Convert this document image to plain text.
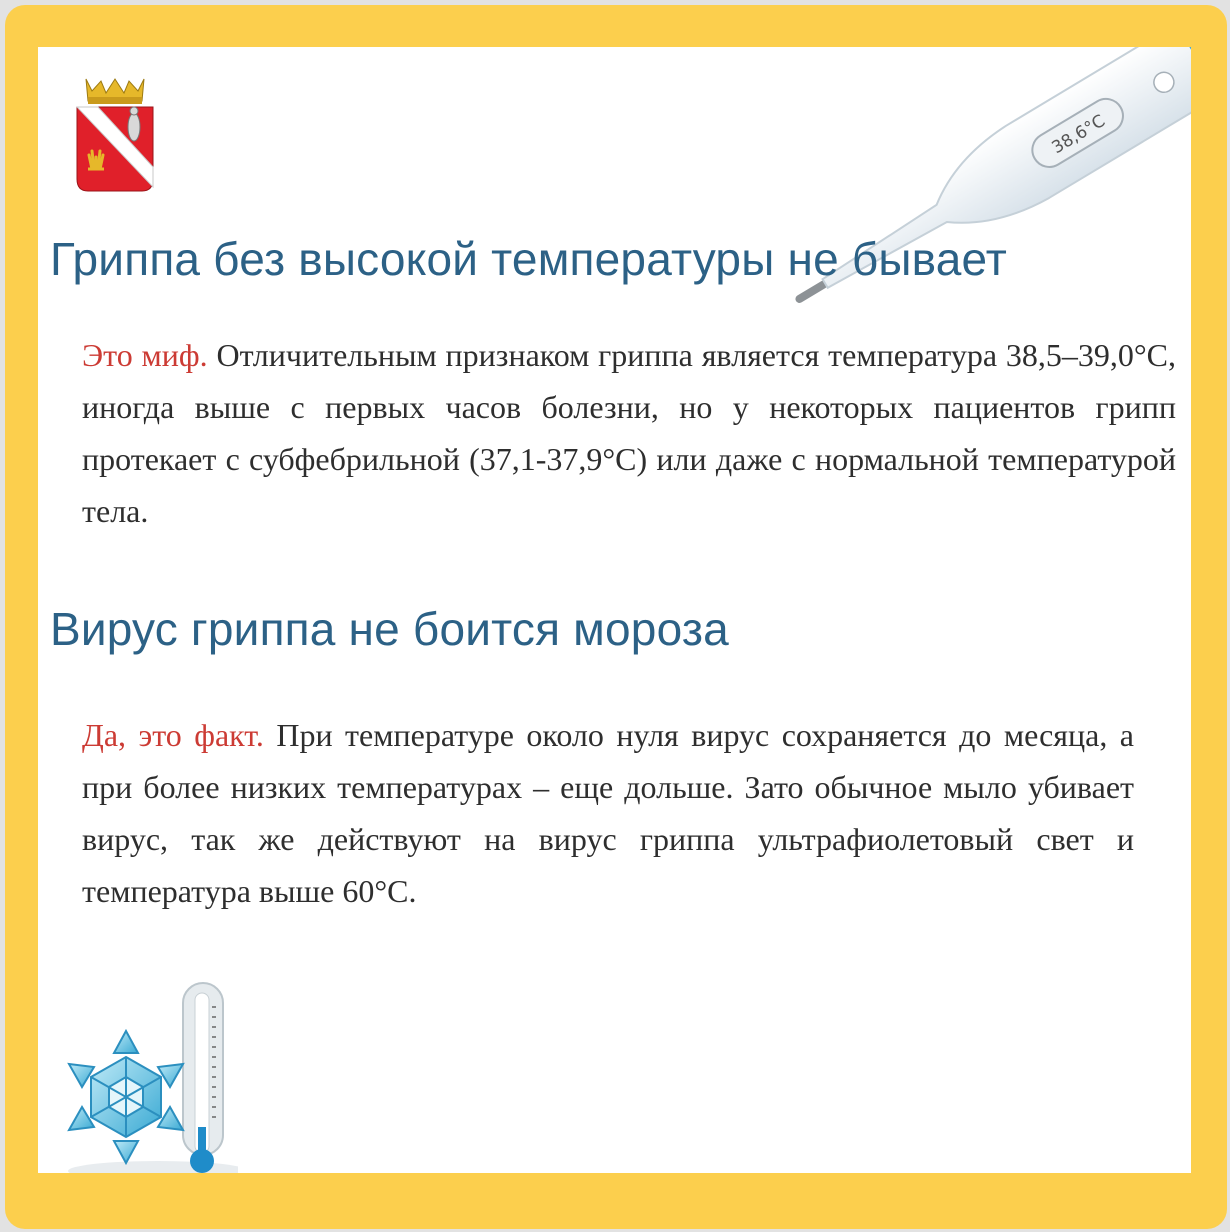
38,6°С
Гриппа без высокой температуры не бывает

Это миф. Отличительным признаком гриппа является температура 38,5–39,0°С, иногда выше с первых часов болезни, но у некоторых пациентов грипп протекает с субфебрильной (37,1-37,9°С) или даже с нормальной температурой тела.

Вирус гриппа не боится мороза

Да, это факт. При температуре около нуля вирус сохраняется до месяца, а при более низких температурах – еще дольше. Зато обычное мыло убивает вирус, так же действуют на вирус гриппа ультрафиолетовый свет и температура выше 60°С.
